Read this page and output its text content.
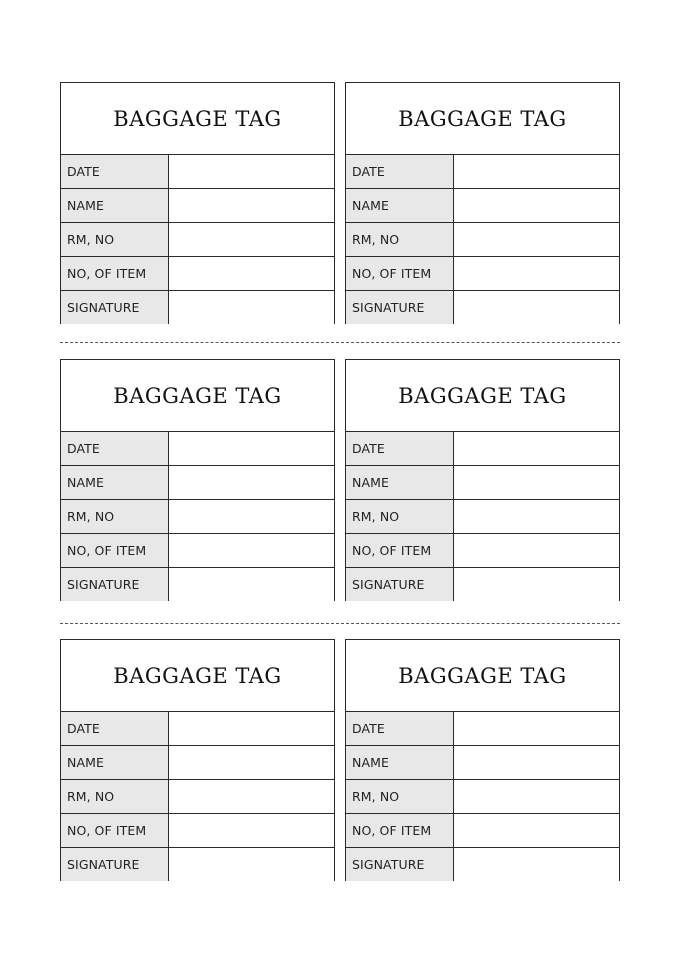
BAGGAGE TAG
DATE
NAME
RM, NO
NO, OF ITEM
SIGNATURE
BAGGAGE TAG
DATE
NAME
RM, NO
NO, OF ITEM
SIGNATURE
BAGGAGE TAG
DATE
NAME
RM, NO
NO, OF ITEM
SIGNATURE
BAGGAGE TAG
DATE
NAME
RM, NO
NO, OF ITEM
SIGNATURE
BAGGAGE TAG
DATE
NAME
RM, NO
NO, OF ITEM
SIGNATURE
BAGGAGE TAG
DATE
NAME
RM, NO
NO, OF ITEM
SIGNATURE
